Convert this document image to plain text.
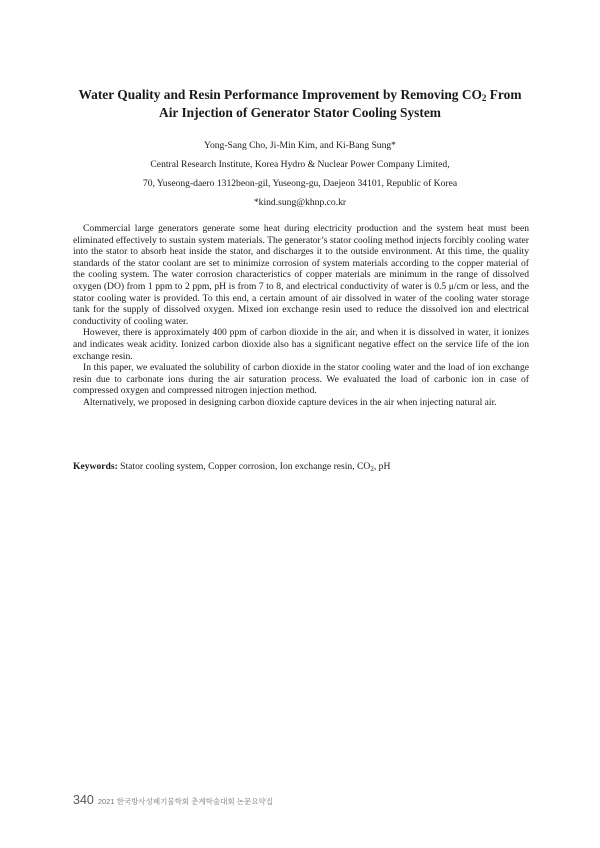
Water Quality and Resin Performance Improvement by Removing $CO_2$ From
Air Injection of Generator Stator Cooling System
Yong-Sang Cho, Ji-Min Kim, and Ki-Bang Sung*
Central Research Institute, Korea Hydro & Nuclear Power Company Limited,
70, Yuseong-daero 1312beon-gil, Yuseong-gu, Daejeon 34101, Republic of Korea
*kind.sung@khnp.co.kr

Commercial large generators generate some heat during electricity production and the system heat must been eliminated effectively to sustain system materials. The generator’s stator cooling method injects forcibly cooling water into the stator to absorb heat inside the stator, and discharges it to the outside environment. At this time, the quality standards of the stator coolant are set to minimize corrosion of system materials according to the copper material of the cooling system. The water corrosion characteristics of copper materials are minimum in the range of dissolved oxygen (DO) from 1 ppm to 2 ppm, pH is from 7 to 8, and electrical conductivity of water is 0.5 μ/cm or less, and the stator cooling water is provided. To this end, a certain amount of air dissolved in water of the cooling water storage tank for the supply of dissolved oxygen. Mixed ion exchange resin used to reduce the dissolved ion and electrical conductivity of cooling water.

However, there is approximately 400 ppm of carbon dioxide in the air, and when it is dissolved in water, it ionizes and indicates weak acidity. Ionized carbon dioxide also has a significant negative effect on the service life of the ion exchange resin.

In this paper, we evaluated the solubility of carbon dioxide in the stator cooling water and the load of ion exchange resin due to carbonate ions during the air saturation process. We evaluated the load of carbonic ion in case of compressed oxygen and compressed nitrogen injection method.

Alternatively, we proposed in designing carbon dioxide capture devices in the air when injecting natural air.

Keywords: Stator cooling system, Copper corrosion, Ion exchange resin, $CO_2$, pH
340 2021 한국방사성폐기물학회 춘계학술대회 논문요약집
